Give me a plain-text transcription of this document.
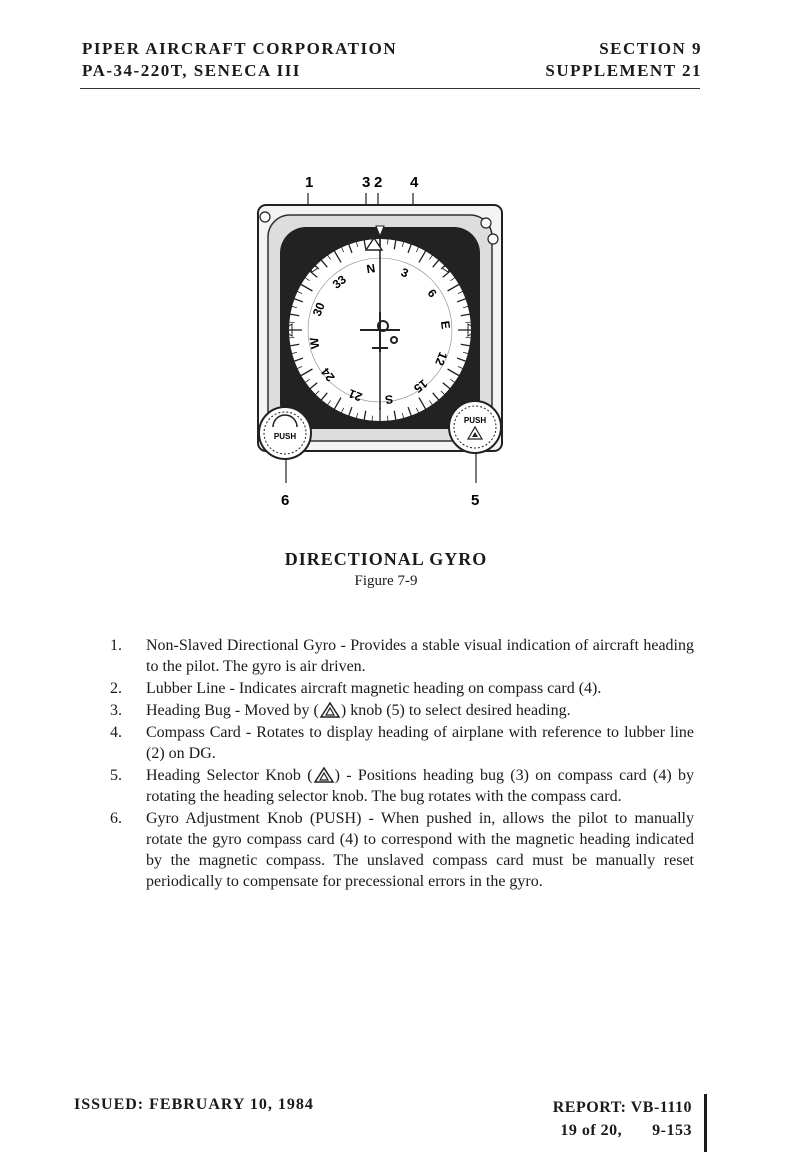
PIPER AIRCRAFT CORPORATION
PA-34-220T, SENECA III
SECTION 9
SUPPLEMENT 21
1	3 2 4
N 3
6
E
12
15
S
21
24
W
30
33
PUSH
PUSH
6	5
DIRECTIONAL GYRO
Figure 7-9
1. Non-Slaved Directional Gyro - Provides a stable visual indication of aircraft heading to the pilot. The gyro is air driven.
2. Lubber Line - Indicates aircraft magnetic heading on compass card (4).
3. Heading Bug - Moved by ( ) knob (5) to select desired heading.
4. Compass Card - Rotates to display heading of airplane with reference to lubber line (2) on DG.
5. Heading Selector Knob ( ) - Positions heading bug (3) on compass card (4) by rotating the heading selector knob. The bug rotates with the compass card.
6. Gyro Adjustment Knob (PUSH) - When pushed in, allows the pilot to manually rotate the gyro compass card (4) to correspond with the magnetic heading indicated by the magnetic compass. The unslaved compass card must be manually reset periodically to compensate for precessional errors in the gyro.
ISSUED: FEBRUARY 10, 1984	REPORT: VB-1110
19 of 20, 9-153
